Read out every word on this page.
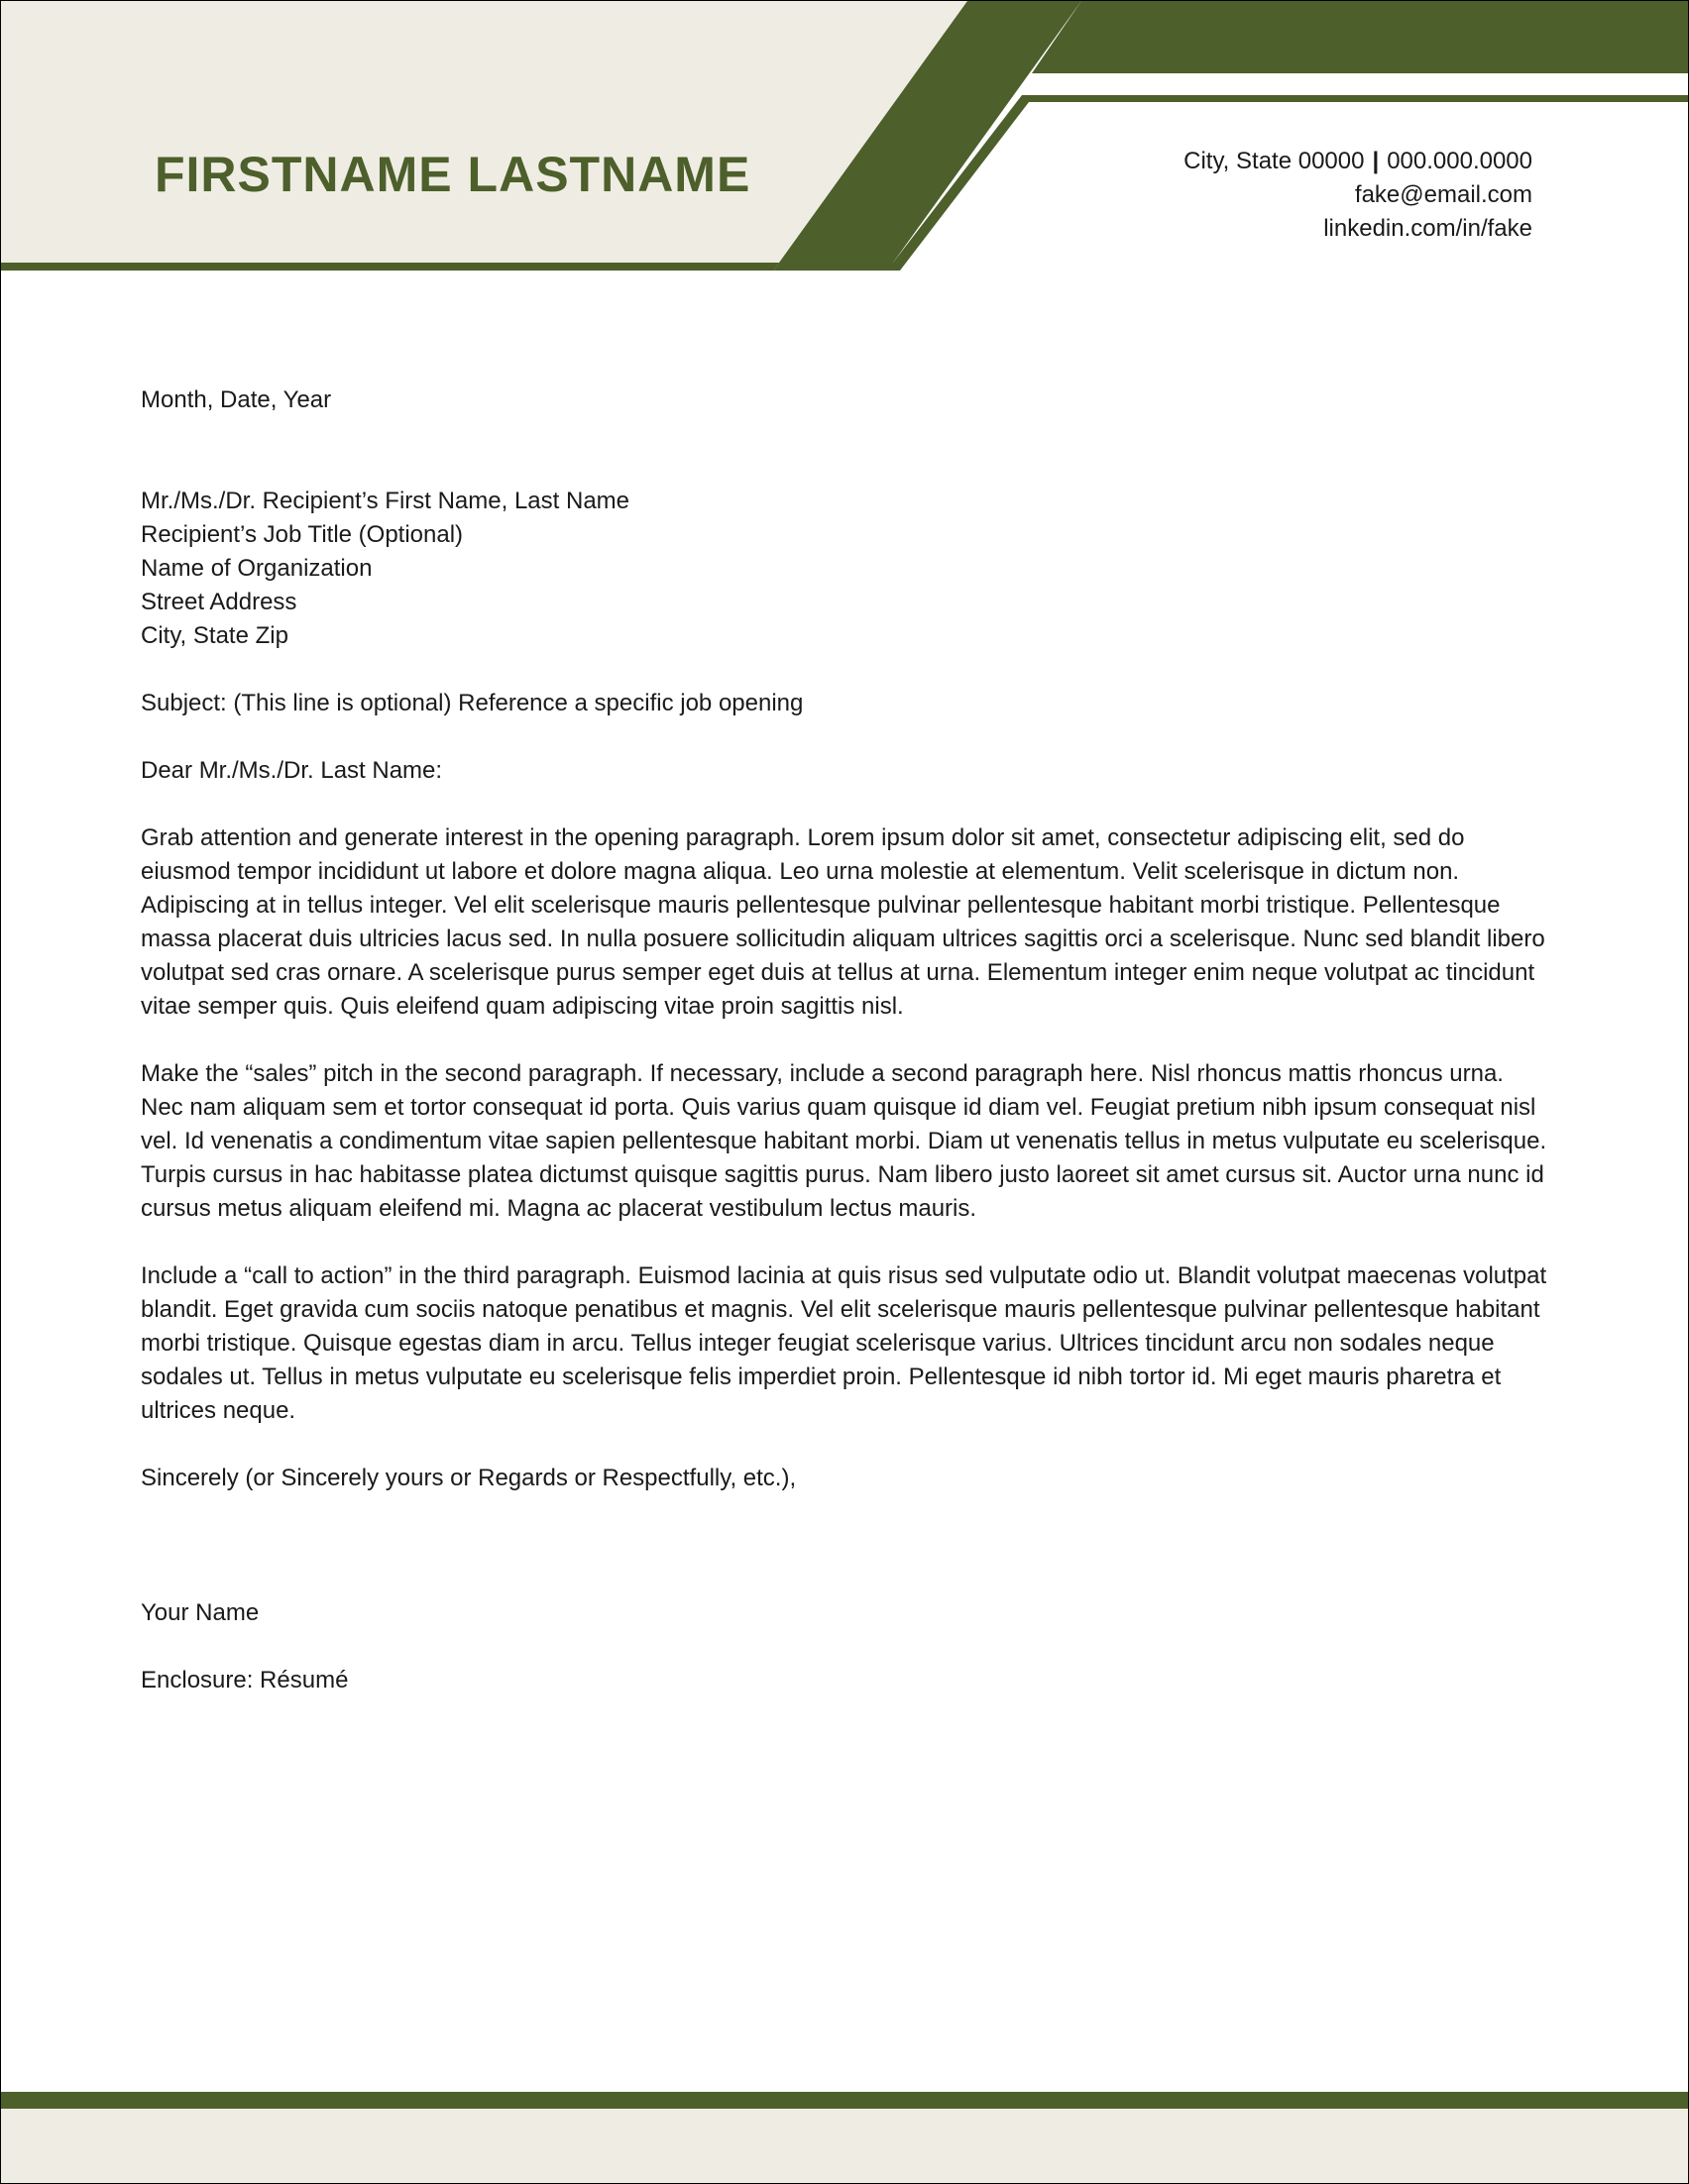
FIRSTNAME LASTNAME	City, State 00000 | 000.000.0000
fake@email.com
linkedin.com/in/fake

Month, Date, Year

Mr./Ms./Dr. Recipient’s First Name, Last Name

Recipient’s Job Title (Optional)

Name of Organization

Street Address

City, State Zip

Subject: (This line is optional) Reference a specific job opening

Dear Mr./Ms./Dr. Last Name:

Grab attention and generate interest in the opening paragraph. Lorem ipsum dolor sit amet, consectetur adipiscing elit, sed do eiusmod tempor incididunt ut labore et dolore magna aliqua. Leo urna molestie at elementum. Velit scelerisque in dictum non. Adipiscing at in tellus integer. Vel elit scelerisque mauris pellentesque pulvinar pellentesque habitant morbi tristique. Pellentesque massa placerat duis ultricies lacus sed. In nulla posuere sollicitudin aliquam ultrices sagittis orci a scelerisque. Nunc sed blandit libero volutpat sed cras ornare. A scelerisque purus semper eget duis at tellus at urna. Elementum integer enim neque volutpat ac tincidunt vitae semper quis. Quis eleifend quam adipiscing vitae proin sagittis nisl.

Make the “sales” pitch in the second paragraph. If necessary, include a second paragraph here. Nisl rhoncus mattis rhoncus urna. Nec nam aliquam sem et tortor consequat id porta. Quis varius quam quisque id diam vel. Feugiat pretium nibh ipsum consequat nisl vel. Id venenatis a condimentum vitae sapien pellentesque habitant morbi. Diam ut venenatis tellus in metus vulputate eu scelerisque. Turpis cursus in hac habitasse platea dictumst quisque sagittis purus. Nam libero justo laoreet sit amet cursus sit. Auctor urna nunc id cursus metus aliquam eleifend mi. Magna ac placerat vestibulum lectus mauris.

Include a “call to action” in the third paragraph. Euismod lacinia at quis risus sed vulputate odio ut. Blandit volutpat maecenas volutpat blandit. Eget gravida cum sociis natoque penatibus et magnis. Vel elit scelerisque mauris pellentesque pulvinar pellentesque habitant morbi tristique. Quisque egestas diam in arcu. Tellus integer feugiat scelerisque varius. Ultrices tincidunt arcu non sodales neque sodales ut. Tellus in metus vulputate eu scelerisque felis imperdiet proin. Pellentesque id nibh tortor id. Mi eget mauris pharetra et ultrices neque.

Sincerely (or Sincerely yours or Regards or Respectfully, etc.),

Your Name

Enclosure: Résumé
